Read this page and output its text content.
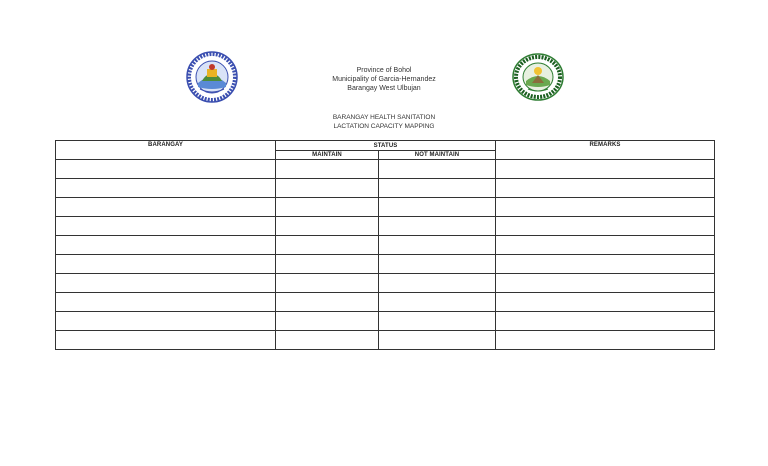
Province of Bohol
Municipality of Garcia-Hernandez
Barangay West Ulbujan
BARANGAY HEALTH SANITATION
LACTATION CAPACITY MAPPING
BARANGAY	STATUS		REMARKS
	MAINTAIN	NOT MAINTAIN	
